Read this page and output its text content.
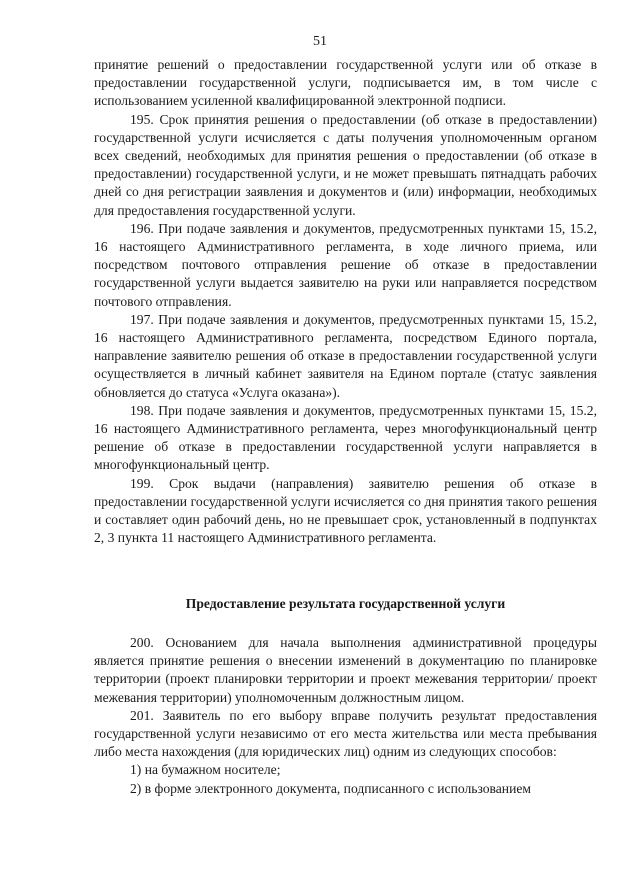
51

принятие решений о предоставлении государственной услуги или об отказе в предоставлении государственной услуги, подписывается им, в том числе с использованием усиленной квалифицированной электронной подписи.

195. Срок принятия решения о предоставлении (об отказе в предоставлении) государственной услуги исчисляется с даты получения уполномоченным органом всех сведений, необходимых для принятия решения о предоставлении (об отказе в предоставлении) государственной услуги, и не может превышать пятнадцать рабочих дней со дня регистрации заявления и документов и (или) информации, необходимых для предоставления государственной услуги.

196. При подаче заявления и документов, предусмотренных пунктами 15, 15.2, 16 настоящего Административного регламента, в ходе личного приема, или посредством почтового отправления решение об отказе в предоставлении государственной услуги выдается заявителю на руки или направляется посредством почтового отправления.

197. При подаче заявления и документов, предусмотренных пунктами 15, 15.2, 16 настоящего Административного регламента, посредством Единого портала, направление заявителю решения об отказе в предоставлении государственной услуги осуществляется в личный кабинет заявителя на Едином портале (статус заявления обновляется до статуса «Услуга оказана»).

198. При подаче заявления и документов, предусмотренных пунктами 15, 15.2, 16 настоящего Административного регламента, через многофункциональный центр решение об отказе в предоставлении государственной услуги направляется в многофункциональный центр.

199. Срок выдачи (направления) заявителю решения об отказе в предоставлении государственной услуги исчисляется со дня принятия такого решения и составляет один рабочий день, но не превышает срок, установленный в подпунктах 2, 3 пункта 11 настоящего Административного регламента.

Предоставление результата государственной услуги

200. Основанием для начала выполнения административной процедуры является принятие решения о внесении изменений в документацию по планировке территории (проект планировки территории и проект межевания территории/ проект межевания территории) уполномоченным должностным лицом.

201. Заявитель по его выбору вправе получить результат предоставления государственной услуги независимо от его места жительства или места пребывания либо места нахождения (для юридических лиц) одним из следующих способов:

1) на бумажном носителе;

2) в форме электронного документа, подписанного с использованием
